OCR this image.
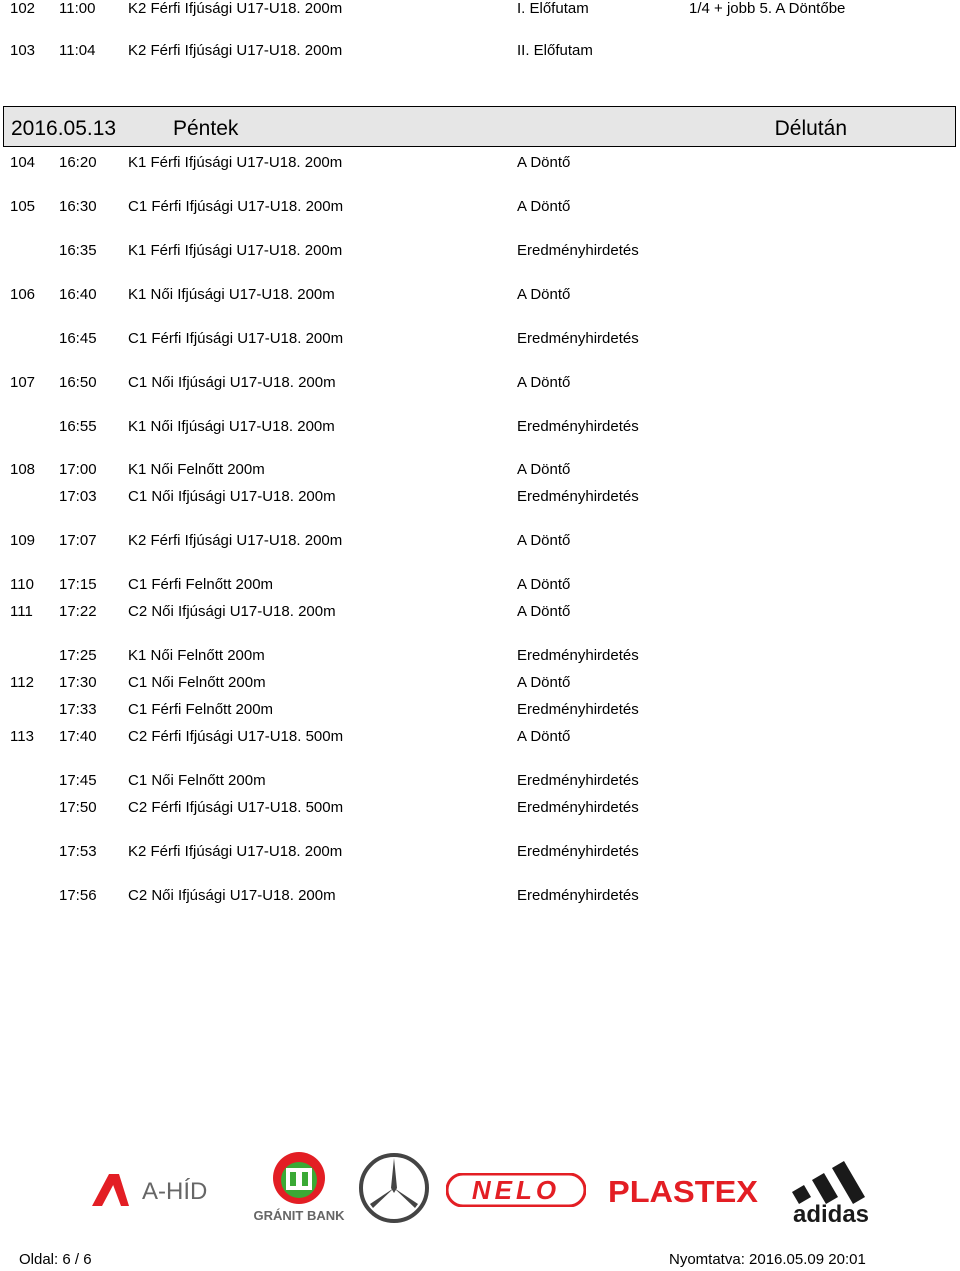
102 11:00 K2 Férfi Ifjúsági U17-U18. 200m	I. Előfutam	1/4 + jobb 5. A Döntőbe
103 11:04 K2 Férfi Ifjúsági U17-U18. 200m	II. Előfutam
2016.05.13	Péntek	Délután
104 16:20 K1 Férfi Ifjúsági U17-U18. 200m	A Döntő
105 16:30 C1 Férfi Ifjúsági U17-U18. 200m	A Döntő
16:35 K1 Férfi Ifjúsági U17-U18. 200m	Eredményhirdetés
106 16:40 K1 Női Ifjúsági U17-U18. 200m	A Döntő
16:45 C1 Férfi Ifjúsági U17-U18. 200m	Eredményhirdetés
107 16:50 C1 Női Ifjúsági U17-U18. 200m	A Döntő
16:55 K1 Női Ifjúsági U17-U18. 200m	Eredményhirdetés
108 17:00 K1 Női Felnőtt 200m	A Döntő
17:03 C1 Női Ifjúsági U17-U18. 200m	Eredményhirdetés
109 17:07 K2 Férfi Ifjúsági U17-U18. 200m	A Döntő
110 17:15 C1 Férfi Felnőtt 200m	A Döntő
111 17:22 C2 Női Ifjúsági U17-U18. 200m	A Döntő
17:25 K1 Női Felnőtt 200m	Eredményhirdetés
112 17:30 C1 Női Felnőtt 200m	A Döntő
17:33 C1 Férfi Felnőtt 200m	Eredményhirdetés
113 17:40 C2 Férfi Ifjúsági U17-U18. 500m	A Döntő
17:45 C1 Női Felnőtt 200m	Eredményhirdetés
17:50 C2 Férfi Ifjúsági U17-U18. 500m	Eredményhirdetés
17:53 K2 Férfi Ifjúsági U17-U18. 200m	Eredményhirdetés
17:56 C2 Női Ifjúsági U17-U18. 200m	Eredményhirdetés
A-HÍD
GRÁNIT BANK
NELO PLASTEX
adidas
Oldal: 6 / 6	Nyomtatva: 2016.05.09 20:01
